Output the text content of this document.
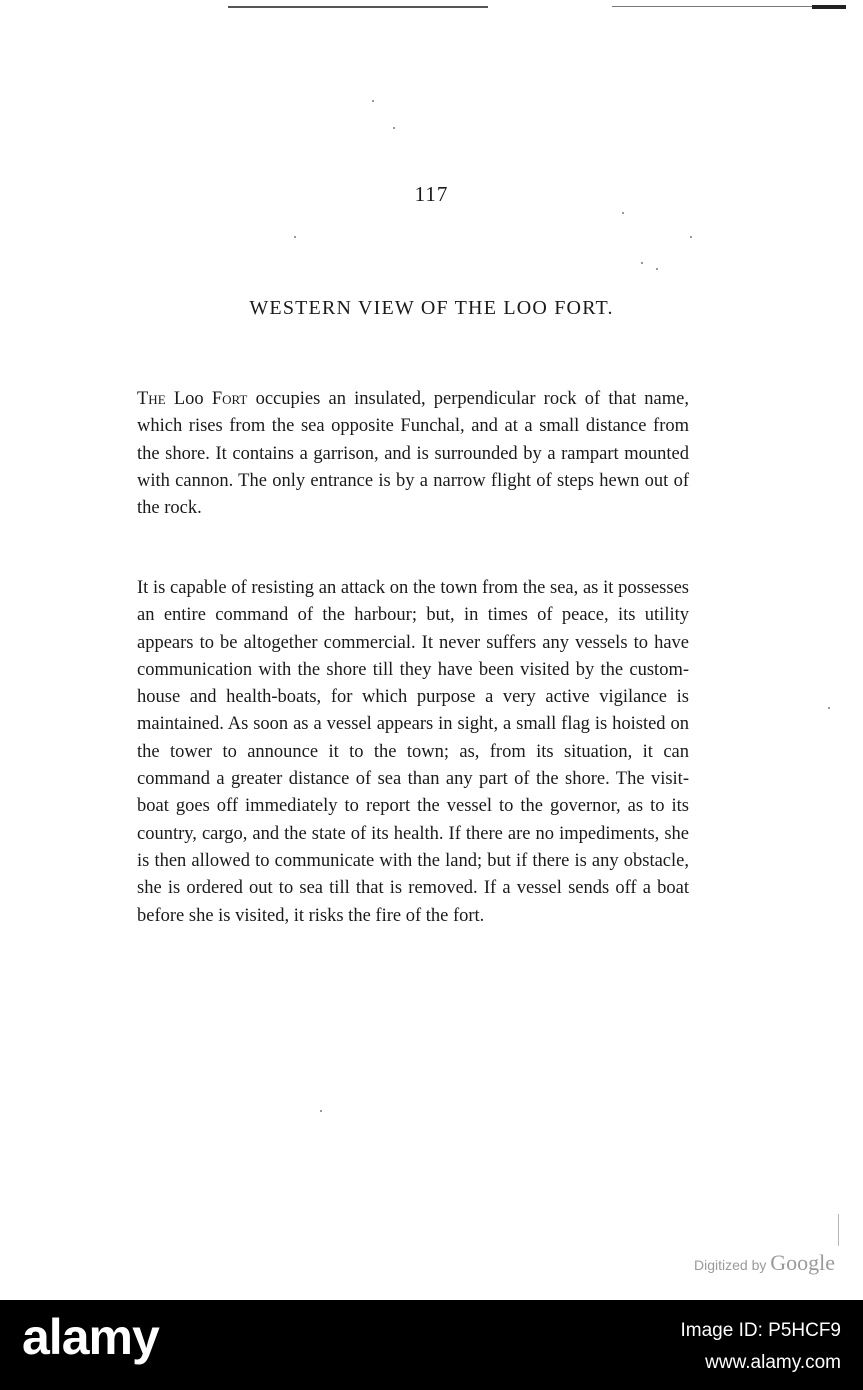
117
WESTERN VIEW OF THE LOO FORT.

The Loo Fort occupies an insulated, perpendicular rock of that name, which rises from the sea opposite Funchal, and at a small distance from the shore. It contains a garrison, and is surrounded by a rampart mounted with cannon. The only entrance is by a narrow flight of steps hewn out of the rock.

It is capable of resisting an attack on the town from the sea, as it possesses an entire command of the harbour; but, in times of peace, its utility appears to be altogether commercial. It never suffers any vessels to have communication with the shore till they have been visited by the custom-house and health-boats, for which purpose a very active vigilance is maintained. As soon as a vessel appears in sight, a small flag is hoisted on the tower to announce it to the town; as, from its situation, it can command a greater distance of sea than any part of the shore. The visit-boat goes off immediately to report the vessel to the governor, as to its country, cargo, and the state of its health. If there are no impediments, she is then allowed to communicate with the land; but if there is any obstacle, she is ordered out to sea till that is removed. If a vessel sends off a boat before she is visited, it risks the fire of the fort.

Digitized by Google
alamy	Image ID: P5HCF9
www.alamy.com
